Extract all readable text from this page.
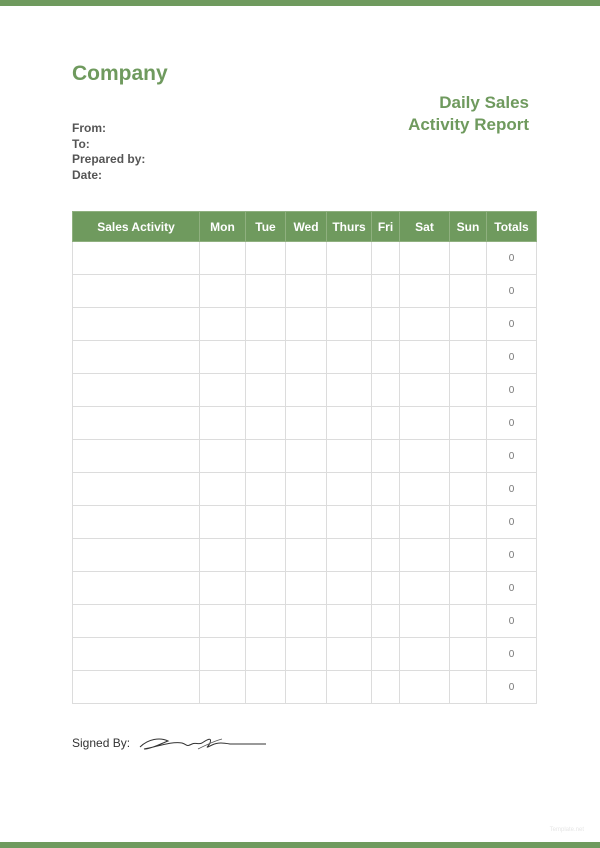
Company
Daily Sales
Activity Report
From:
To:
Prepared by:
Date:
Sales Activity	Mon	Tue	Wed	Thurs	Fri	Sat	Sun	Totals
								0
								0
								0
								0
								0
								0
								0
								0
								0
								0
								0
								0
								0
								0
Signed By:
Template.net
